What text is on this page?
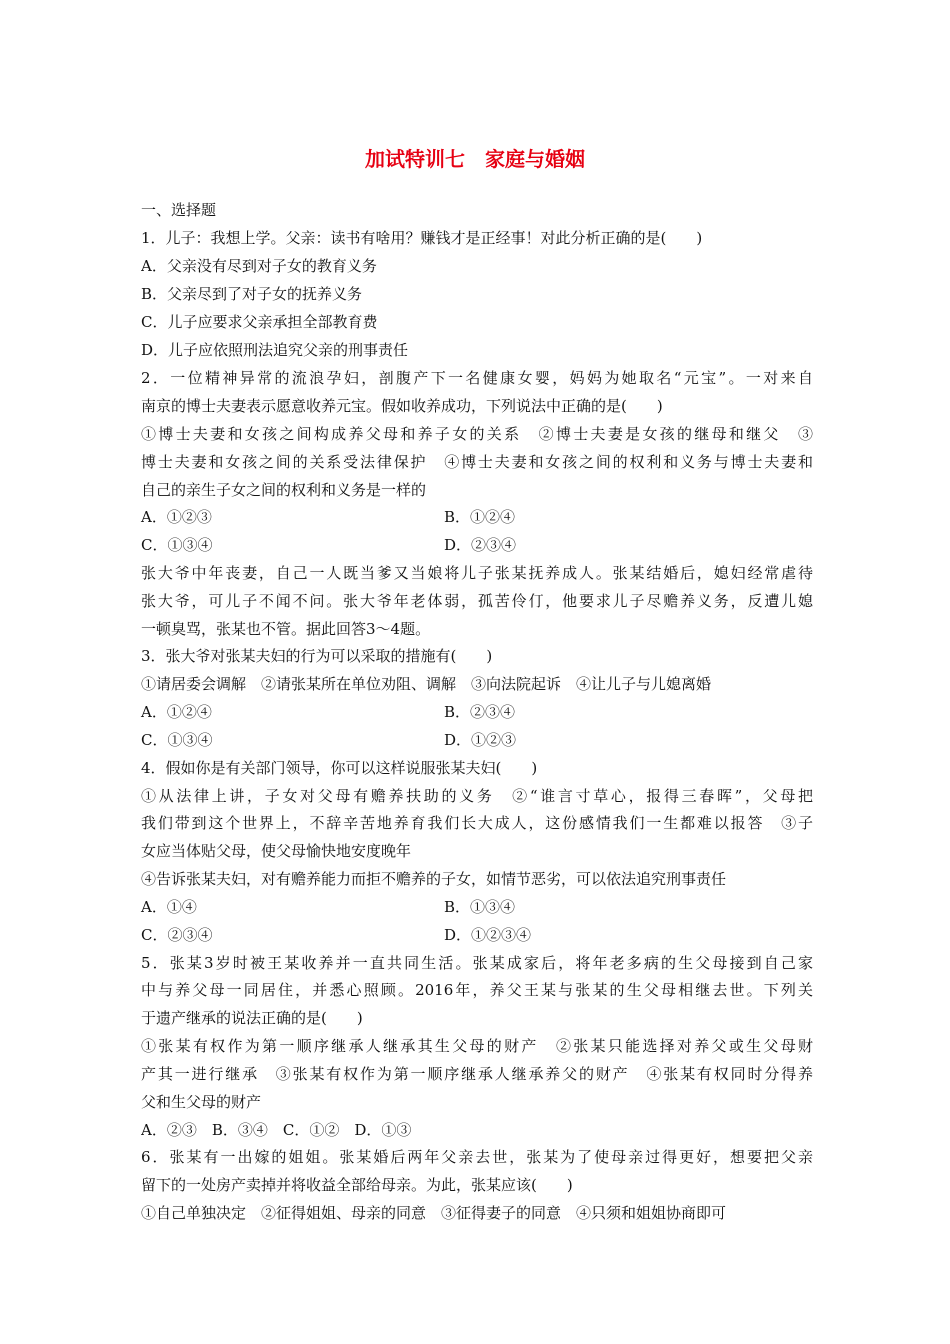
加试特训七　家庭与婚姻
一、选择题
1．儿子：我想上学。父亲：读书有啥用？赚钱才是正经事！对此分析正确的是(　　)
A．父亲没有尽到对子女的教育义务
B．父亲尽到了对子女的抚养义务
C．儿子应要求父亲承担全部教育费
D．儿子应依照刑法追究父亲的刑事责任
2．一位精神异常的流浪孕妇，剖腹产下一名健康女婴，妈妈为她取名“元宝”。一对来自
南京的博士夫妻表示愿意收养元宝。假如收养成功，下列说法中正确的是(　　)
①博士夫妻和女孩之间构成养父母和养子女的关系　②博士夫妻是女孩的继母和继父　③
博士夫妻和女孩之间的关系受法律保护　④博士夫妻和女孩之间的权利和义务与博士夫妻和
自己的亲生子女之间的权利和义务是一样的
A．①②③	B．①②④
C．①③④	D．②③④
张大爷中年丧妻，自己一人既当爹又当娘将儿子张某抚养成人。张某结婚后，媳妇经常虐待
张大爷，可儿子不闻不问。张大爷年老体弱，孤苦伶仃，他要求儿子尽赡养义务，反遭儿媳
一顿臭骂，张某也不管。据此回答3～4题。
3．张大爷对张某夫妇的行为可以采取的措施有(　　)
①请居委会调解　②请张某所在单位劝阻、调解　③向法院起诉　④让儿子与儿媳离婚
A．①②④	B．②③④
C．①③④	D．①②③
4．假如你是有关部门领导，你可以这样说服张某夫妇(　　)
①从法律上讲，子女对父母有赡养扶助的义务　②“谁言寸草心，报得三春晖”，父母把
我们带到这个世界上，不辞辛苦地养育我们长大成人，这份感情我们一生都难以报答　③子
女应当体贴父母，使父母愉快地安度晚年
④告诉张某夫妇，对有赡养能力而拒不赡养的子女，如情节恶劣，可以依法追究刑事责任
A．①④	B．①③④
C．②③④	D．①②③④
5．张某3岁时被王某收养并一直共同生活。张某成家后，将年老多病的生父母接到自己家
中与养父母一同居住，并悉心照顾。2016年，养父王某与张某的生父母相继去世。下列关
于遗产继承的说法正确的是(　　)
①张某有权作为第一顺序继承人继承其生父母的财产　②张某只能选择对养父或生父母财
产其一进行继承　③张某有权作为第一顺序继承人继承养父的财产　④张某有权同时分得养
父和生父母的财产
A．②③　B．③④　C．①②　D．①③
6．张某有一出嫁的姐姐。张某婚后两年父亲去世，张某为了使母亲过得更好，想要把父亲
留下的一处房产卖掉并将收益全部给母亲。为此，张某应该(　　)
①自己单独决定　②征得姐姐、母亲的同意　③征得妻子的同意　④只须和姐姐协商即可
